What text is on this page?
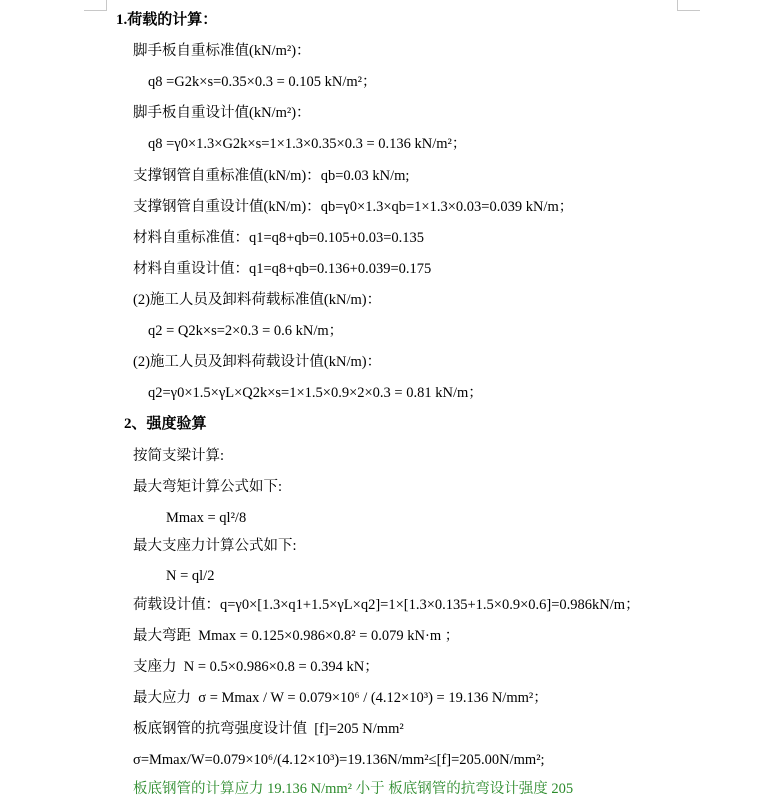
1.荷载的计算：
脚手板自重标准值(kN/m²)：
q8 =G2k×s=0.35×0.3 = 0.105 kN/m²；
脚手板自重设计值(kN/m²)：
q8 =γ0×1.3×G2k×s=1×1.3×0.35×0.3 = 0.136 kN/m²；
支撑钢管自重标准值(kN/m)：qb=0.03 kN/m;
支撑钢管自重设计值(kN/m)：qb=γ0×1.3×qb=1×1.3×0.03=0.039 kN/m；
材料自重标准值：q1=q8+qb=0.105+0.03=0.135
材料自重设计值：q1=q8+qb=0.136+0.039=0.175
(2)施工人员及卸料荷载标准值(kN/m)：
q2 = Q2k×s=2×0.3 = 0.6 kN/m；
(2)施工人员及卸料荷载设计值(kN/m)：
q2=γ0×1.5×γL×Q2k×s=1×1.5×0.9×2×0.3 = 0.81 kN/m；
2、强度验算
按简支梁计算:
最大弯矩计算公式如下:
Mmax = ql²/8
最大支座力计算公式如下:
N = ql/2
荷载设计值：q=γ0×[1.3×q1+1.5×γL×q2]=1×[1.3×0.135+1.5×0.9×0.6]=0.986kN/m；
最大弯距 Mmax = 0.125×0.986×0.8² = 0.079 kN·m ；
支座力 N = 0.5×0.986×0.8 = 0.394 kN；
最大应力 σ = Mmax / W = 0.079×10⁶ / (4.12×10³) = 19.136 N/mm²；
板底钢管的抗弯强度设计值 [f]=205 N/mm²
σ=Mmax/W=0.079×10⁶/(4.12×10³)=19.136N/mm²≤[f]=205.00N/mm²;
板底钢管的计算应力 19.136 N/mm² 小于 板底钢管的抗弯设计强度 205
